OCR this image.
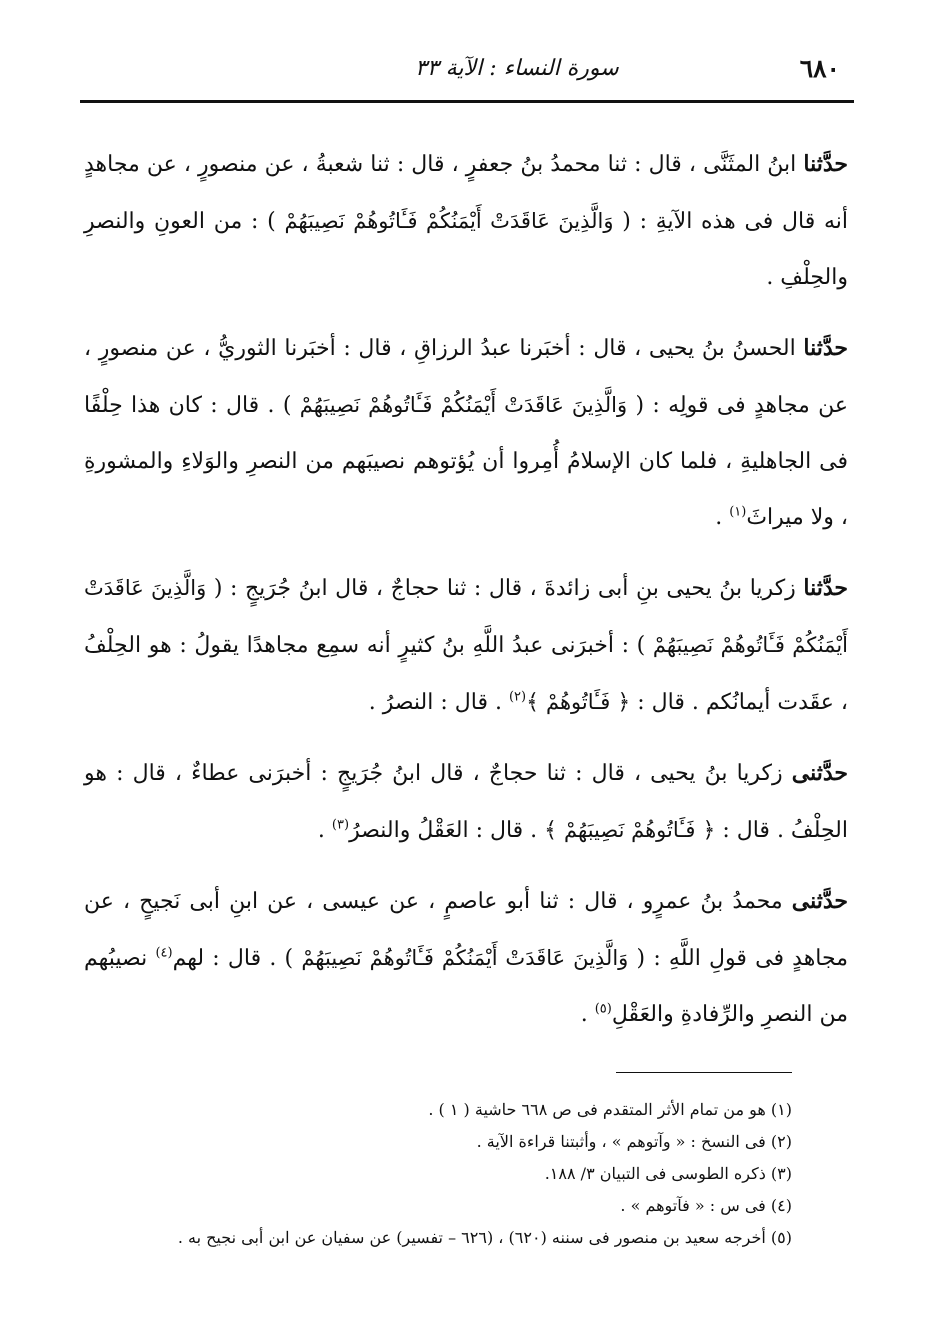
٦٨٠
سورة النساء : الآية ٣٣

حدَّثنا ابنُ المثَنَّى ، قال : ثنا محمدُ بنُ جعفرٍ ، قال : ثنا شعبةُ ، عن منصورٍ ، عن مجاهدٍ أنه قال فى هذه الآيةِ : ( وَالَّذِينَ عَاقَدَتْ أَيْمَنُكُمْ فَـَٔاتُوهُمْ نَصِيبَهُمْ ) : من العونِ والنصرِ والحِلْفِ .

حدَّثنا الحسنُ بنُ يحيى ، قال : أخبَرنا عبدُ الرزاقِ ، قال : أخبَرنا الثوريُّ ، عن منصورٍ ، عن مجاهدٍ فى قولِه : ( وَالَّذِينَ عَاقَدَتْ أَيْمَنُكُمْ فَـَٔاتُوهُمْ نَصِيبَهُمْ ) . قال : كان هذا حِلْفًا فى الجاهليةِ ، فلما كان الإسلامُ أُمِروا أن يُؤتوهم نصيبَهم من النصرِ والوَلاءِ والمشورةِ ، ولا ميراثَ$^{(١)}$ .

حدَّثنا زكريا بنُ يحيى بنِ أبى زائدةَ ، قال : ثنا حجاجٌ ، قال ابنُ جُرَيجٍ : ( وَالَّذِينَ عَاقَدَتْ أَيْمَنُكُمْ فَـَٔاتُوهُمْ نَصِيبَهُمْ ) : أخبرَنى عبدُ اللَّهِ بنُ كثيرٍ أنه سمِع مجاهدًا يقولُ : هو الحِلْفُ ، عقَدت أيمانُكم . قال : ﴿ فَـَٔاتُوهُمْ ﴾$^{(٢)}$ . قال : النصرُ .

حدَّثنى زكريا بنُ يحيى ، قال : ثنا حجاجٌ ، قال ابنُ جُرَيجٍ : أخبرَنى عطاءٌ ، قال : هو الحِلْفُ . قال : ﴿ فَـَٔاتُوهُمْ نَصِيبَهُمْ ﴾ . قال : العَقْلُ والنصرُ$^{(٣)}$ .

حدَّثنى محمدُ بنُ عمرٍو ، قال : ثنا أبو عاصمٍ ، عن عيسى ، عن ابنِ أبى نَجيحٍ ، عن مجاهدٍ فى قولِ اللَّهِ : ( وَالَّذِينَ عَاقَدَتْ أَيْمَنُكُمْ فَـَٔاتُوهُمْ نَصِيبَهُمْ ) . قال : لهم$^{(٤)}$ نصيبُهم من النصرِ والرِّفادةِ والعَقْلِ$^{(٥)}$ .

(١) هو من تمام الأثر المتقدم فى ص ٦٦٨ حاشية ( ١ ) .

(٢) فى النسخ : « وآتوهم » ، وأثبتنا قراءة الآية .

(٣) ذكره الطوسى فى التبيان ٣/ ١٨٨.

(٤) فى س : « فآتوهم » .

(٥) أخرجه سعيد بن منصور فى سننه (٦٢٠) ، (٦٢٦ – تفسير) عن سفيان عن ابن أبى نجيح به .
